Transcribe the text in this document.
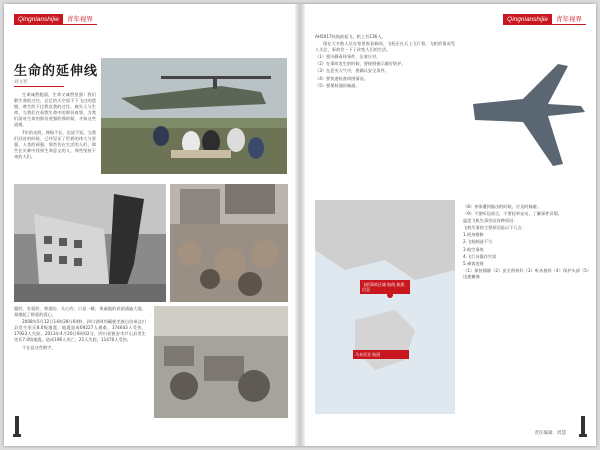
Qingnianshijie	青年视界
生命的延伸线
刘文智

生命诚然脆弱，生命又诚然坚强！我们敬生命的过往，记忆的天空留不下飞过的遗憾，尊生的下过我哀我的过往。痛失人与生命，当我们在看我生命中的那份真挚，当我们面对生命的那份坚强的那时候，才知这些道理。

7年的光阴，弹指不长，也说不短，当我们回首的时候，已经见证了世界的伟大与坚强，人类的顽强，那些仍在生活的人们，那些在灾难中找到生命意义的人，那些坚持下来的人们。

题的、有爱的、尊重的、关心的、只是一瞬，黄遍地的哀恸涌遍大地，却激起了绵延的爱心。

2008年5月12日14时28分04秒，四川省阿坝藏族羌族自治州汶川县发生里氏8.0级地震，地震造成69227人遇难，374643人受伤，17923人失踪。2013年4月20日8时02分，四川省雅安市芦山县发生里氏7.0级地震，造成196人死亡，21人失踪，11470人受伤。

不在意这些数字，

Qingnianshijie	青年视界

AH5017执航前起飞，机上有136人。

现在大多数人还在家里收看新闻，飞机还在天上飞行着，飞机的情况受人关注，事故会一下子改变人们的生活。

（1）要冷静看待事件，沉着应对。

（2）在事故发生的时候，要按照指示做好防护。

（3）在恶劣天气中，要确认安全条件。

（4）要快速检查周围情况。

（5）要保持通讯畅通。

飞机事故区域 航线 航班信息
马来西亚 航班

（8）身体遭到撞击的时候，应及时躲避。

（9）不要听信谣言，不要轻举妄动，了解事件详情。

温度飞机失事会因各种原因：

飞机失事的主要原因是以下几点：

1.机身维修

2.飞机制造不当

3.航空事故

4.飞行员操作失误

5.乘客违规

（1）保持镇静（2）安全带扣好（3）听从指挥（4）保护头部（5）迅速撤离

责任编辑：周慧
